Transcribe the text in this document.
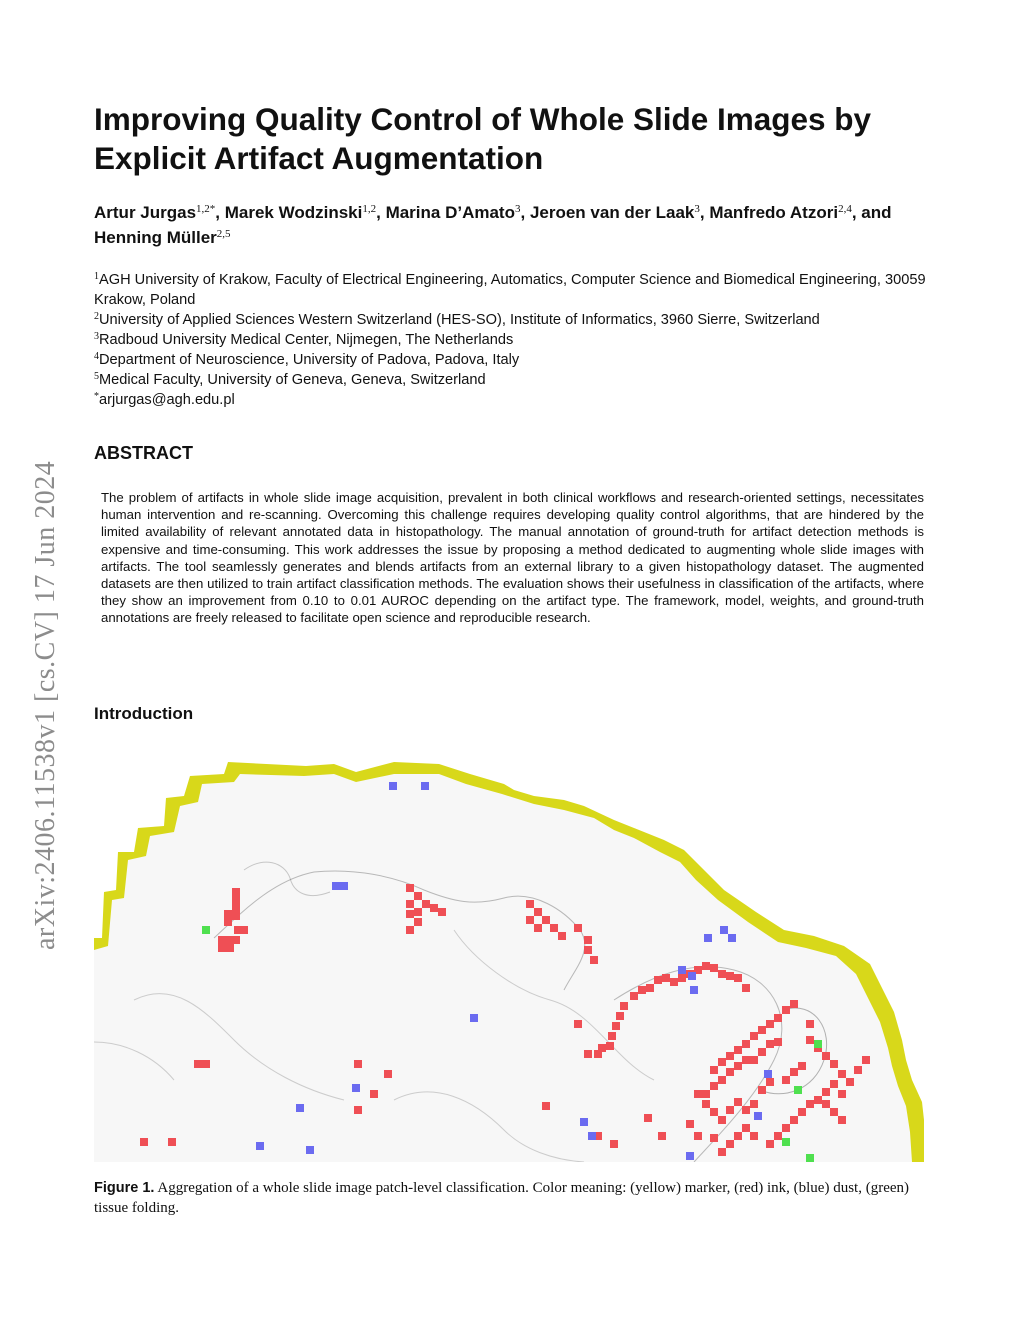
arXiv:2406.11538v1 [cs.CV] 17 Jun 2024
Improving Quality Control of Whole Slide Images by Explicit Artifact Augmentation

Artur Jurgas$^{1,2*}$, Marek Wodzinski$^{1,2}$, Marina D’Amato$^3$, Jeroen van der Laak$^3$, Manfredo Atzori$^{2,4}$, and Henning Müller$^{2,5}$

$^1$AGH University of Krakow, Faculty of Electrical Engineering, Automatics, Computer Science and Biomedical Engineering, 30059 Krakow, Poland

$^2$University of Applied Sciences Western Switzerland (HES-SO), Institute of Informatics, 3960 Sierre, Switzerland

$^3$Radboud University Medical Center, Nijmegen, The Netherlands

$^4$Department of Neuroscience, University of Padova, Padova, Italy

$^5$Medical Faculty, University of Geneva, Geneva, Switzerland

*arjurgas@agh.edu.pl

ABSTRACT

The problem of artifacts in whole slide image acquisition, prevalent in both clinical workflows and research-oriented settings, necessitates human intervention and re-scanning. Overcoming this challenge requires developing quality control algorithms, that are hindered by the limited availability of relevant annotated data in histopathology. The manual annotation of ground-truth for artifact detection methods is expensive and time-consuming. This work addresses the issue by proposing a method dedicated to augmenting whole slide images with artifacts. The tool seamlessly generates and blends artifacts from an external library to a given histopathology dataset. The augmented datasets are then utilized to train artifact classification methods. The evaluation shows their usefulness in classification of the artifacts, where they show an improvement from 0.10 to 0.01 AUROC depending on the artifact type. The framework, model, weights, and ground-truth annotations are freely released to facilitate open science and reproducible research.

Introduction

Figure 1. Aggregation of a whole slide image patch-level classification. Color meaning: (yellow) marker, (red) ink, (blue) dust, (green) tissue folding.
